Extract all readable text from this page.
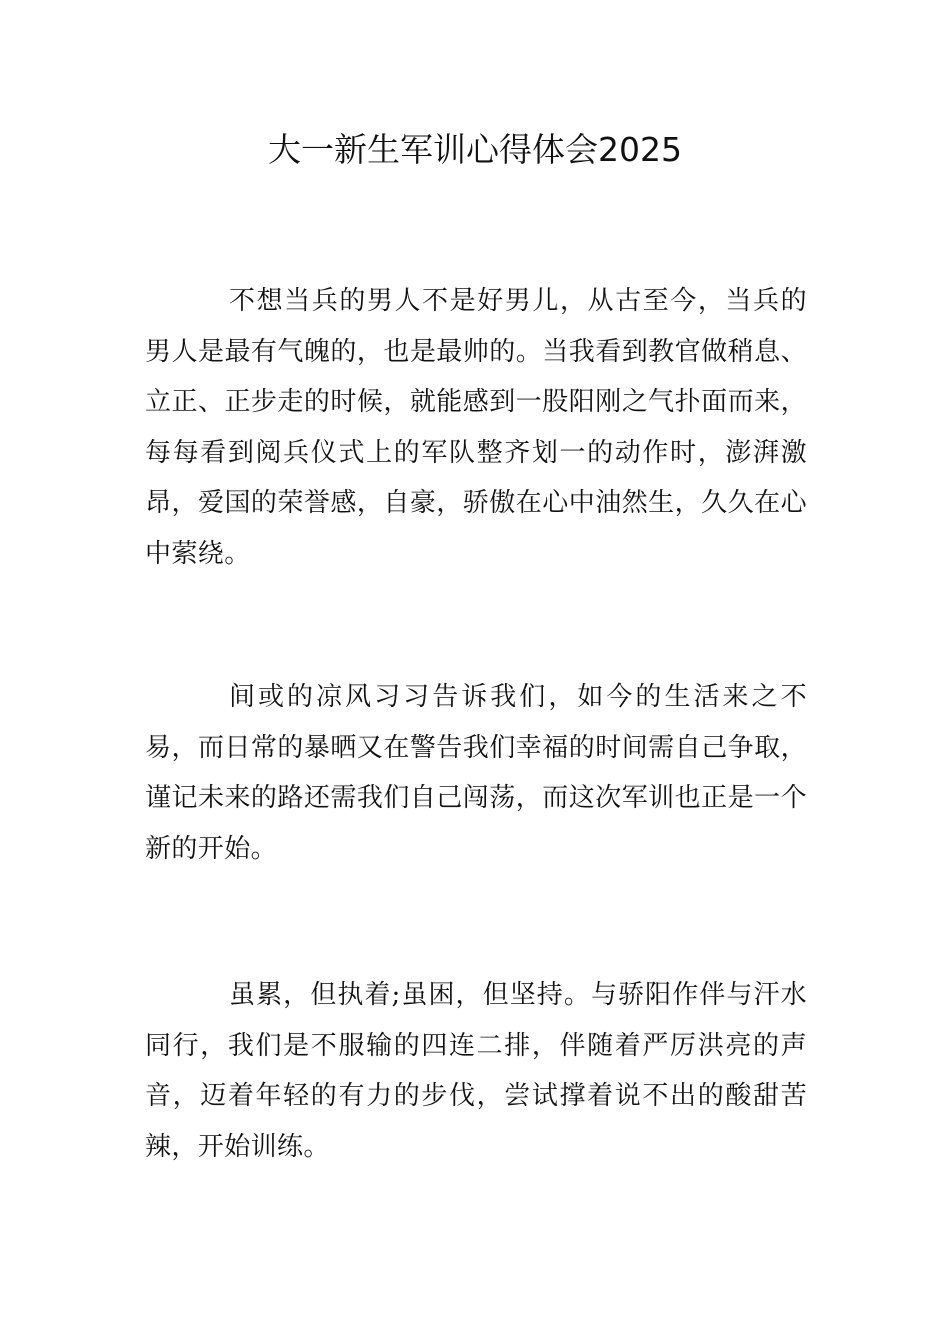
大一新生军训心得体会2025

不想当兵的男人不是好男儿，从古至今，当兵的男人是最有气魄的，也是最帅的。当我看到教官做稍息、立正、正步走的时候，就能感到一股阳刚之气扑面而来，每每看到阅兵仪式上的军队整齐划一的动作时，澎湃激昂，爱国的荣誉感，自豪，骄傲在心中油然生，久久在心中萦绕。

间或的凉风习习告诉我们，如今的生活来之不易，而日常的暴晒又在警告我们幸福的时间需自己争取，谨记未来的路还需我们自己闯荡，而这次军训也正是一个新的开始。

虽累，但执着;虽困，但坚持。与骄阳作伴与汗水同行，我们是不服输的四连二排，伴随着严厉洪亮的声音，迈着年轻的有力的步伐，尝试撑着说不出的酸甜苦辣，开始训练。
